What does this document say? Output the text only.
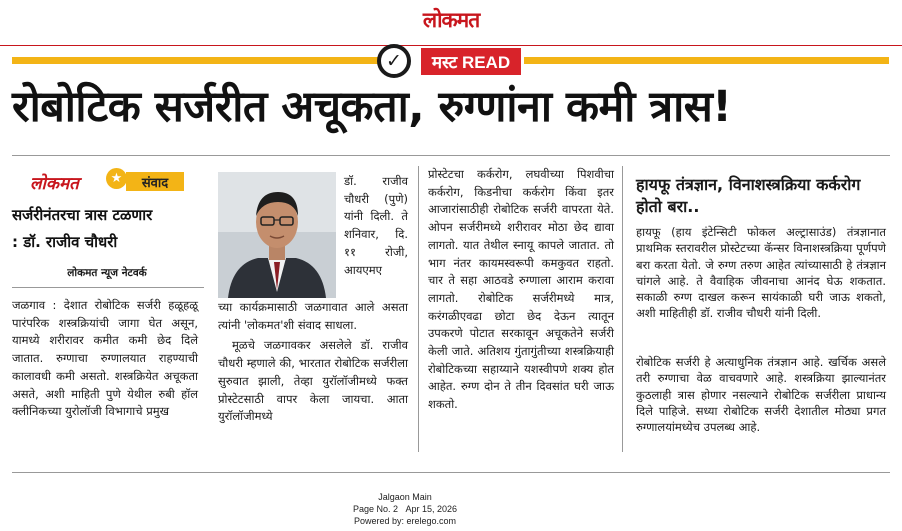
लोकमत
✓	मस्ट READ
रोबोटिक सर्जरीत अचूकता, रुग्णांना कमी त्रास!
लोकमत	★	संवाद
सर्जरीनंतरचा त्रास टळणार
: डॉ. राजीव चौधरी
लोकमत न्यूज नेटवर्क

जळगाव : देशात रोबोटिक सर्जरी हळूहळू पारंपरिक शस्त्रक्रियांची जागा घेत असून, यामध्ये शरीरावर कमीत कमी छेद दिले जातात. रुग्णाचा रुग्णालयात राहण्याची कालावधी कमी असतो. शस्त्रक्रियेत अचूकता असते, अशी माहिती पुणे येथील रुबी हॉल क्लीनिकच्या युरोलॉजी विभागाचे प्रमुख

डॉ. राजीव चौधरी (पुणे) यांनी दिली. ते शनिवार, दि. ११ रोजी, आयएमए

च्या कार्यक्रमासाठी जळगावात आले असता त्यांनी 'लोकमत'शी संवाद साधला.

मूळचे जळगावकर असलेले डॉ. राजीव चौधरी म्हणाले की, भारतात रोबोटिक सर्जरीला सुरुवात झाली, तेव्हा युरॉलॉजीमध्ये फक्त प्रोस्टेटसाठी वापर केला जायचा. आता युरॉलॉजीमध्ये

प्रोस्टेटचा कर्करोग, लघवीच्या पिशवीचा कर्करोग, किडनीचा कर्करोग किंवा इतर आजारांसाठीही रोबोटिक सर्जरी वापरता येते. ओपन सर्जरीमध्ये शरीरावर मोठा छेद द्यावा लागतो. यात तेथील स्नायू कापले जातात. तो भाग नंतर कायमस्वरूपी कमकुवत राहतो. चार ते सहा आठवडे रुग्णाला आराम करावा लागतो. रोबोटिक सर्जरीमध्ये मात्र, करंगळीएवढा छोटा छेद देऊन त्यातून उपकरणे पोटात सरकावून अचूकतेने सर्जरी केली जाते. अतिशय गुंतागुंतीच्या शस्त्रक्रियाही रोबोटिकच्या सहाय्याने यशस्वीपणे शक्य होत आहेत. रुग्ण दोन ते तीन दिवसांत घरी जाऊ शकतो.

हायफू तंत्रज्ञान, विनाशस्त्रक्रिया कर्करोग होतो बरा..
हायफू (हाय इंटेन्सिटी फोकल अल्ट्रासाउंड) तंत्रज्ञानात प्राथमिक स्तरावरील प्रोस्टेटच्या कॅन्सर विनाशस्त्रक्रिया पूर्णपणे बरा करता येतो. जे रुग्ण तरुण आहेत त्यांच्यासाठी हे तंत्रज्ञान चांगले आहे. ते वैवाहिक जीवनाचा आनंद घेऊ शकतात. सकाळी रुग्ण दाखल करून सायंकाळी घरी जाऊ शकतो, अशी माहितीही डॉ. राजीव चौधरी यांनी दिली.
रोबोटिक सर्जरी हे अत्याधुनिक तंत्रज्ञान आहे. खर्चिक असले तरी रुग्णाचा वेळ वाचवणारे आहे. शस्त्रक्रिया झाल्यानंतर कुठलाही त्रास होणार नसल्याने रोबोटिक सर्जरीला प्राधान्य दिले पाहिजे. सध्या रोबोटिक सर्जरी देशातील मोठ्या प्रगत रुग्णालयांमध्येच उपलब्ध आहे.
Jalgaon Main
Page No. 2 Apr 15, 2026
Powered by: erelego.com
